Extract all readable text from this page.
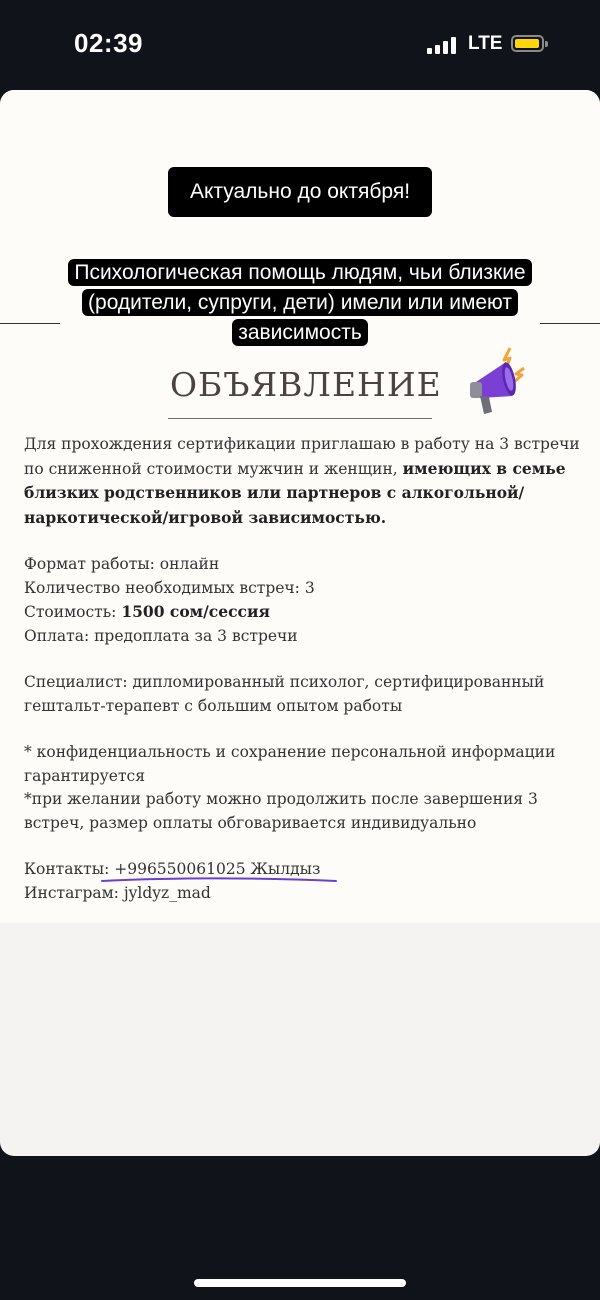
02:39	LTE
Актуально до октября!
Психологическая помощь людям, чьи близкие
(родители, супруги, дети) имели или имеют
зависимость
ОБЪЯВЛЕНИЕ

Для прохождения сертификации приглашаю в работу на 3 встречи по сниженной стоимости мужчин и женщин, имеющих в семье близких родственников или партнеров с алкогольной/ наркотической/игровой зависимостью.

Формат работы: онлайн

Количество необходимых встреч: 3

Стоимость: 1500 сом/сессия

Оплата: предоплата за 3 встречи

Специалист: дипломированный психолог, сертифицированный гештальт-терапевт с большим опытом работы

* конфиденциальность и сохранение персональной информации гарантируется

*при желании работу можно продолжить после завершения 3 встреч, размер оплаты обговаривается индивидуально

Контакты: +996550061025 Жылдыз

Инстаграм: jyldyz_mad
